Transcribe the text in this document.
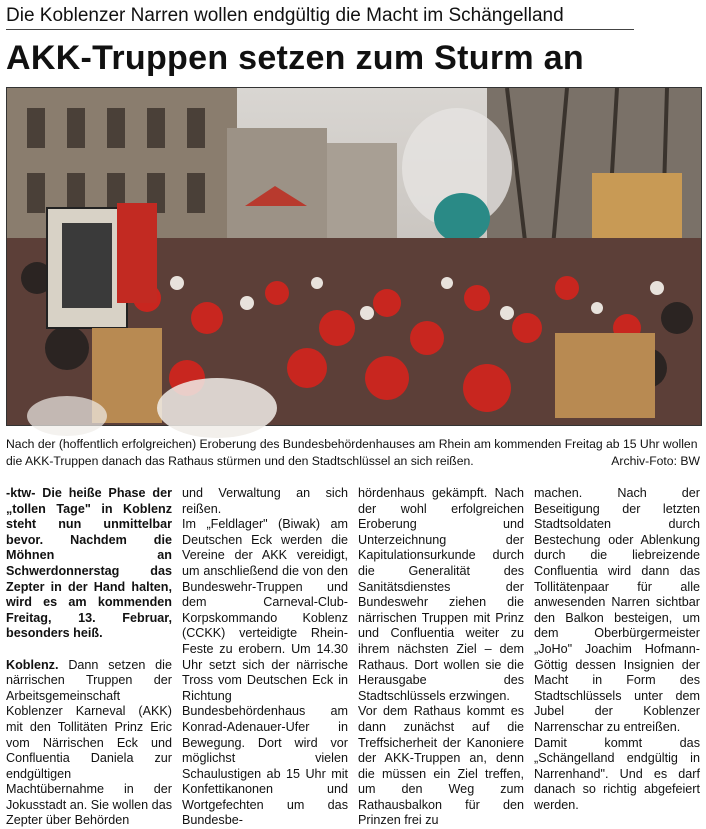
Die Koblenzer Narren wollen endgültig die Macht im Schängelland
AKK-Truppen setzen zum Sturm an
Nach der (hoffentlich erfolgreichen) Eroberung des Bundesbehördenhauses am Rhein am kommenden Freitag ab 15 Uhr wollen die AKK-Truppen danach das Rathaus stürmen und den Stadtschlüssel an sich reißen.	Archiv-Foto: BW

-ktw- Die heiße Phase der „tollen Tage" in Koblenz steht nun unmittelbar bevor. Nachdem die Möhnen an Schwerdonnerstag das Zepter in der Hand halten, wird es am kommenden Freitag, 13. Februar, besonders heiß.

Koblenz. Dann setzen die närrischen Truppen der Arbeitsgemeinschaft Koblenzer Karneval (AKK) mit den Tollitäten Prinz Eric vom Närrischen Eck und Confluentia Daniela zur endgültigen Machtübernahme in der Jokusstadt an. Sie wollen das Zepter über Behörden

und Verwaltung an sich reißen.

Im „Feldlager" (Biwak) am Deutschen Eck werden die Vereine der AKK vereidigt, um anschließend die von den Bundeswehr-Truppen und dem Carneval-Club-Korpskommando Koblenz (CCKK) verteidigte Rhein-Feste zu erobern. Um 14.30 Uhr setzt sich der närrische Tross vom Deutschen Eck in Richtung Bundesbehördenhaus am Konrad-Adenauer-Ufer in Bewegung. Dort wird vor möglichst vielen Schaulustigen ab 15 Uhr mit Konfettikanonen und Wortgefechten um das Bundesbe-

hördenhaus gekämpft. Nach der wohl erfolgreichen Eroberung und Unterzeichnung der Kapitulationsurkunde durch die Generalität des Sanitätsdienstes der Bundeswehr ziehen die närrischen Truppen mit Prinz und Confluentia weiter zu ihrem nächsten Ziel – dem Rathaus. Dort wollen sie die Herausgabe des Stadtschlüssels erzwingen.

Vor dem Rathaus kommt es dann zunächst auf die Treffsicherheit der Kanoniere der AKK-Truppen an, denn die müssen ein Ziel treffen, um den Weg zum Rathausbalkon für den Prinzen frei zu

machen. Nach der Beseitigung der letzten Stadtsoldaten durch Bestechung oder Ablenkung durch die liebreizende Confluentia wird dann das Tollitätenpaar für alle anwesenden Narren sichtbar den Balkon besteigen, um dem Oberbürgermeister „JoHo" Joachim Hofmann-Göttig dessen Insignien der Macht in Form des Stadtschlüssels unter dem Jubel der Koblenzer Narrenschar zu entreißen.

Damit kommt das „Schängelland endgültig in Narrenhand". Und es darf danach so richtig abgefeiert werden.
